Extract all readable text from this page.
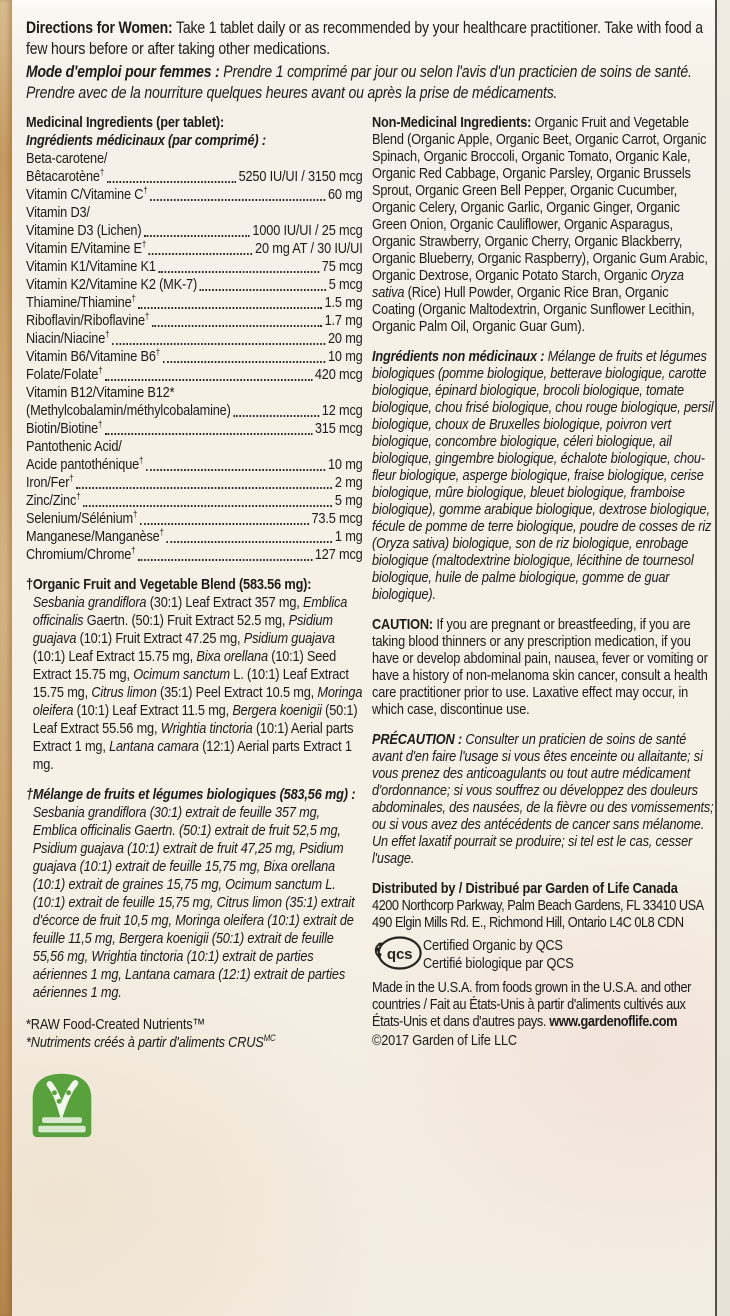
Directions for Women: Take 1 tablet daily or as recommended by your healthcare practitioner. Take with food a few hours before or after taking other medications.

Mode d'emploi pour femmes : Prendre 1 comprimé par jour ou selon l'avis d'un practicien de soins de santé. Prendre avec de la nourriture quelques heures avant ou après la prise de médicaments.

Medicinal Ingredients (per tablet):
Ingrédients médicinaux (par comprimé) :
Beta-carotene/
Bêtacarotène†	5250 IU/UI / 3150 mcg
Vitamin C/Vitamine C†	60 mg
Vitamin D3/
Vitamine D3 (Lichen)	1000 IU/UI / 25 mcg
Vitamin E/Vitamine E†	20 mg AT / 30 IU/UI
Vitamin K1/Vitamine K1	75 mcg
Vitamin K2/Vitamine K2 (MK-7)	5 mcg
Thiamine/Thiamine†	1.5 mg
Riboflavin/Riboflavine†	1.7 mg
Niacin/Niacine†	20 mg
Vitamin B6/Vitamine B6†	10 mg
Folate/Folate†	420 mcg
Vitamin B12/Vitamine B12*
(Methylcobalamin/méthylcobalamine)	12 mcg
Biotin/Biotine†	315 mcg
Pantothenic Acid/
Acide pantothénique†	10 mg
Iron/Fer†	2 mg
Zinc/Zinc†	5 mg
Selenium/Sélénium†	73.5 mcg
Manganese/Manganèse†	1 mg
Chromium/Chrome†	127 mcg

†Organic Fruit and Vegetable Blend (583.56 mg): Sesbania grandiflora (30:1) Leaf Extract 357 mg, Emblica officinalis Gaertn. (50:1) Fruit Extract 52.5 mg, Psidium guajava (10:1) Fruit Extract 47.25 mg, Psidium guajava (10:1) Leaf Extract 15.75 mg, Bixa orellana (10:1) Seed Extract 15.75 mg, Ocimum sanctum L. (10:1) Leaf Extract 15.75 mg, Citrus limon (35:1) Peel Extract 10.5 mg, Moringa oleifera (10:1) Leaf Extract 11.5 mg, Bergera koenigii (50:1) Leaf Extract 55.56 mg, Wrightia tinctoria (10:1) Aerial parts Extract 1 mg, Lantana camara (12:1) Aerial parts Extract 1 mg.

†Mélange de fruits et légumes biologiques (583,56 mg) : Sesbania grandiflora (30:1) extrait de feuille 357 mg, Emblica officinalis Gaertn. (50:1) extrait de fruit 52,5 mg, Psidium guajava (10:1) extrait de fruit 47,25 mg, Psidium guajava (10:1) extrait de feuille 15,75 mg, Bixa orellana (10:1) extrait de graines 15,75 mg, Ocimum sanctum L. (10:1) extrait de feuille 15,75 mg, Citrus limon (35:1) extrait d'écorce de fruit 10,5 mg, Moringa oleifera (10:1) extrait de feuille 11,5 mg, Bergera koenigii (50:1) extrait de feuille 55,56 mg, Wrightia tinctoria (10:1) extrait de parties aériennes 1 mg, Lantana camara (12:1) extrait de parties aériennes 1 mg.

*RAW Food-Created Nutrients™
*Nutriments créés à partir d'aliments $CRUS^{MC}$

Non-Medicinal Ingredients: Organic Fruit and Vegetable Blend (Organic Apple, Organic Beet, Organic Carrot, Organic Spinach, Organic Broccoli, Organic Tomato, Organic Kale, Organic Red Cabbage, Organic Parsley, Organic Brussels Sprout, Organic Green Bell Pepper, Organic Cucumber, Organic Celery, Organic Garlic, Organic Ginger, Organic Green Onion, Organic Cauliflower, Organic Asparagus, Organic Strawberry, Organic Cherry, Organic Blackberry, Organic Blueberry, Organic Raspberry), Organic Gum Arabic, Organic Dextrose, Organic Potato Starch, Organic Oryza sativa (Rice) Hull Powder, Organic Rice Bran, Organic Coating (Organic Maltodextrin, Organic Sunflower Lecithin, Organic Palm Oil, Organic Guar Gum).

Ingrédients non médicinaux : Mélange de fruits et légumes biologiques (pomme biologique, betterave biologique, carotte biologique, épinard biologique, brocoli biologique, tomate biologique, chou frisé biologique, chou rouge biologique, persil biologique, choux de Bruxelles biologique, poivron vert biologique, concombre biologique, céleri biologique, ail biologique, gingembre biologique, échalote biologique, chou-fleur biologique, asperge biologique, fraise biologique, cerise biologique, mûre biologique, bleuet biologique, framboise biologique), gomme arabique biologique, dextrose biologique, fécule de pomme de terre biologique, poudre de cosses de riz (Oryza sativa) biologique, son de riz biologique, enrobage biologique (maltodextrine biologique, lécithine de tournesol biologique, huile de palme biologique, gomme de guar biologique).

CAUTION: If you are pregnant or breastfeeding, if you are taking blood thinners or any prescription medication, if you have or develop abdominal pain, nausea, fever or vomiting or have a history of non-melanoma skin cancer, consult a health care practitioner prior to use. Laxative effect may occur, in which case, discontinue use.

PRÉCAUTION : Consulter un praticien de soins de santé avant d'en faire l'usage si vous êtes enceinte ou allaitante; si vous prenez des anticoagulants ou tout autre médicament d'ordonnance; si vous souffrez ou développez des douleurs abdominales, des nausées, de la fièvre ou des vomissements; ou si vous avez des antécédents de cancer sans mélanome. Un effet laxatif pourrait se produire; si tel est le cas, cesser l'usage.

Distributed by / Distribué par Garden of Life Canada
4200 Northcorp Parkway, Palm Beach Gardens, FL 33410 USA
490 Elgin Mills Rd. E., Richmond Hill, Ontario L4C 0L8 CDN
qcs
Certified Organic by QCS
Certifié biologique par QCS
Made in the U.S.A. from foods grown in the U.S.A. and other countries / Fait au États-Unis à partir d'aliments cultivés aux États-Unis et dans d'autres pays. www.gardenoflife.com
©2017 Garden of Life LLC
